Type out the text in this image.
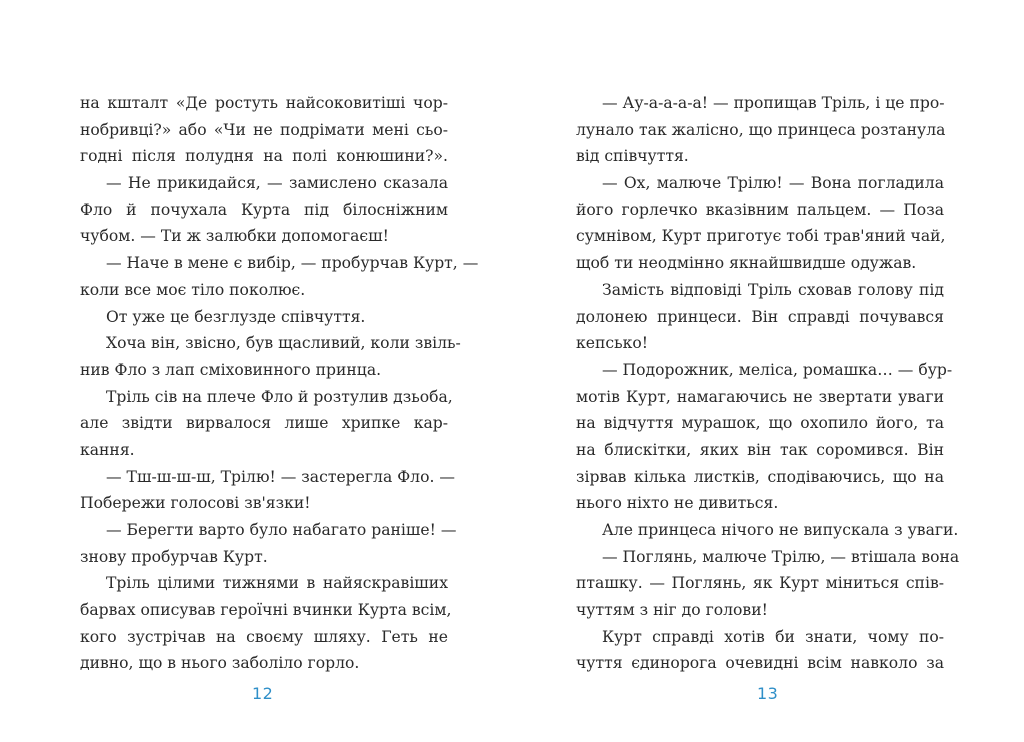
на кшталт «Де ростуть найсоковитіші чор-
нобривці?» або «Чи не подрімати мені сьо-
годні після полудня на полі конюшини?».
— Не прикидайся, — замислено сказала
Фло й почухала Курта під білосніжним
чубом. — Ти ж залюбки допомогаєш!
— Наче в мене є вибір, — пробурчав Курт, —
коли все моє тіло поколює.
От уже це безглузде співчуття.
Хоча він, звісно, був щасливий, коли звіль-
нив Фло з лап сміховинного принца.
Тріль сів на плече Фло й розтулив дзьоба,
але звідти вирвалося лише хрипке кар-
кання.
— Тш-ш-ш-ш, Трілю! — застерегла Фло. —
Побережи голосові зв'язки!
— Берегти варто було набагато раніше! —
знову пробурчав Курт.
Тріль цілими тижнями в найяскравіших
барвах описував героїчні вчинки Курта всім,
кого зустрічав на своєму шляху. Геть не
дивно, що в нього заболіло горло.
— Ау-а-а-а-а! — пропищав Тріль, і це про-
лунало так жалісно, що принцеса розтанула
від співчуття.
— Ох, малюче Трілю! — Вона погладила
його горлечко вказівним пальцем. — Поза
сумнівом, Курт приготує тобі трав'яний чай,
щоб ти неодмінно якнайшвидше одужав.
Замість відповіді Тріль сховав голову під
долонею принцеси. Він справді почувався
кепсько!
— Подорожник, меліса, ромашка… — бур-
мотів Курт, намагаючись не звертати уваги
на відчуття мурашок, що охопило його, та
на блискітки, яких він так соромився. Він
зірвав кілька листків, сподіваючись, що на
нього ніхто не дивиться.
Але принцеса нічого не випускала з уваги.
— Поглянь, малюче Трілю, — втішала вона
пташку. — Поглянь, як Курт міниться спів-
чуттям з ніг до голови!
Курт справді хотів би знати, чому по-
чуття єдинорога очевидні всім навколо за
12	13
